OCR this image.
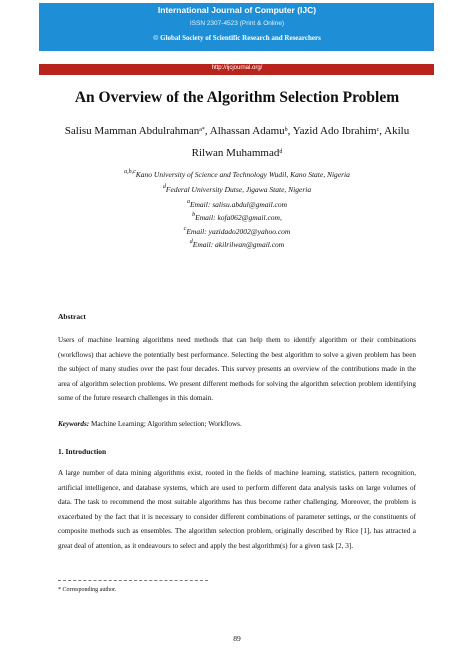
International Journal of Computer (IJC)
ISSN 2307-4523 (Print & Online)
© Global Society of Scientific Research and Researchers
http://ijcjournal.org/
An Overview of the Algorithm Selection Problem
Salisu Mamman Abdulrahman$^{a*}$, Alhassan Adamu$^b$, Yazid Ado Ibrahim$^c$, Akilu Rilwan Muhammad$^d$
$^{a,b,c}$Kano University of Science and Technology Wudil, Kano State, Nigeria
$^d$Federal University Dutse, Jigawa State, Nigeria
$^a$Email: salisu.abdul@gmail.com
$^b$Email: kofa062@gmail.com,
$^c$Email: yazidado2002@yahoo.com
$^d$Email: akilrilwan@gmail.com
Abstract
Users of machine learning algorithms need methods that can help them to identify algorithm or their combinations (workflows) that achieve the potentially best performance. Selecting the best algorithm to solve a given problem has been the subject of many studies over the past four decades. This survey presents an overview of the contributions made in the area of algorithm selection problems. We present different methods for solving the algorithm selection problem identifying some of the future research challenges in this domain.
Keywords: Machine Learning; Algorithm selection; Workflows.
1. Introduction
A large number of data mining algorithms exist, rooted in the fields of machine learning, statistics, pattern recognition, artificial intelligence, and database systems, which are used to perform different data analysis tasks on large volumes of data. The task to recommend the most suitable algorithms has thus become rather challenging. Moreover, the problem is exacerbated by the fact that it is necessary to consider different combinations of parameter settings, or the constituents of composite methods such as ensembles. The algorithm selection problem, originally described by Rice [1], has attracted a great deal of attention, as it endeavours to select and apply the best algorithm(s) for a given task [2, 3].
* Corresponding author.
89
